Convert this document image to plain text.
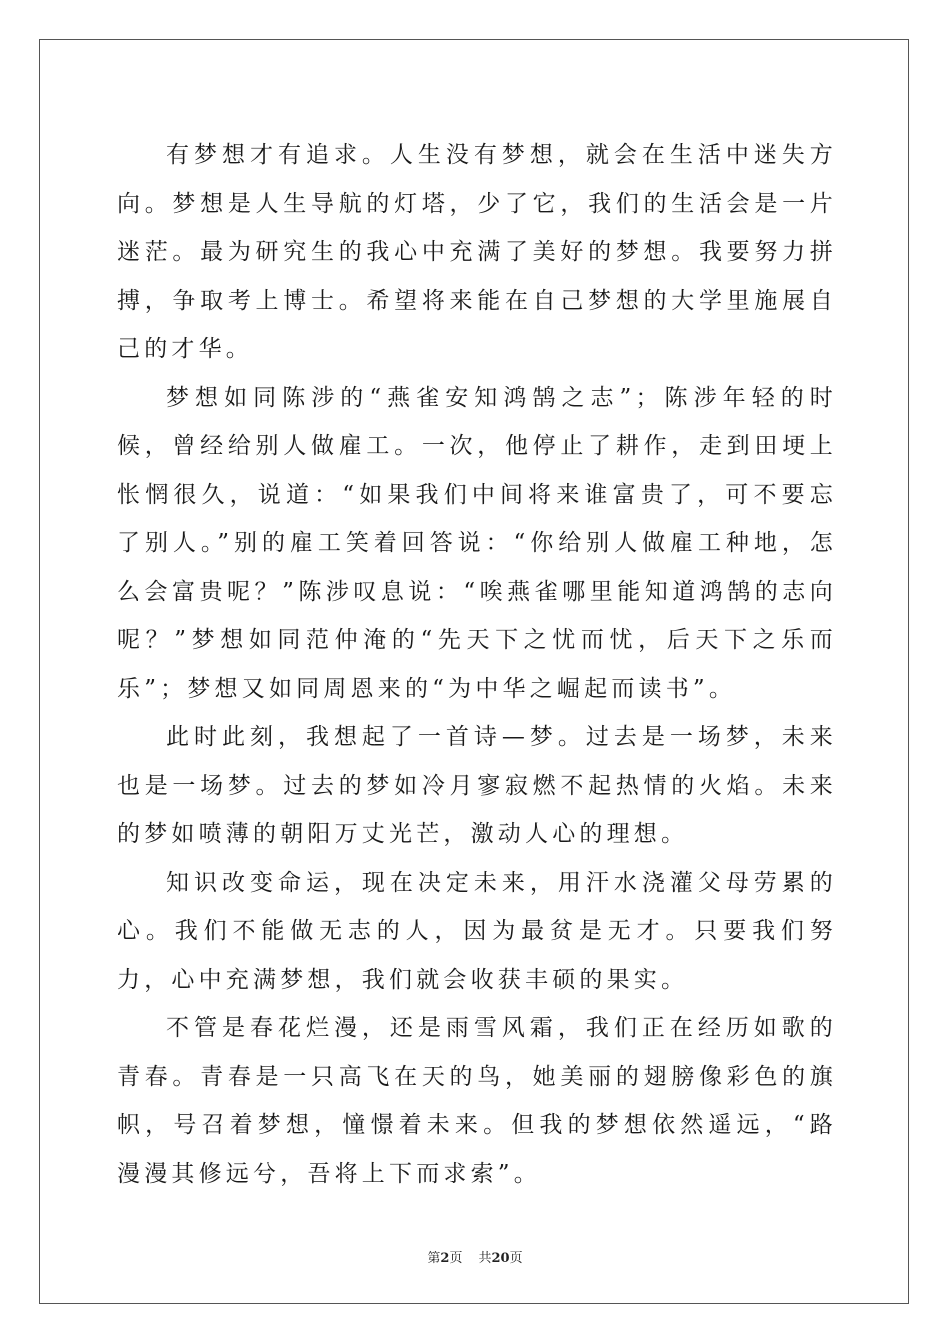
有梦想才有追求。人生没有梦想，就会在生活中迷失方向。梦想是人生导航的灯塔，少了它，我们的生活会是一片迷茫。最为研究生的我心中充满了美好的梦想。我要努力拼搏，争取考上博士。希望将来能在自己梦想的大学里施展自己的才华。

梦想如同陈涉的“燕雀安知鸿鹄之志”；陈涉年轻的时候，曾经给别人做雇工。一次，他停止了耕作，走到田埂上怅惘很久，说道：“如果我们中间将来谁富贵了，可不要忘了别人。”别的雇工笑着回答说：“你给别人做雇工种地，怎么会富贵呢？”陈涉叹息说：“唉燕雀哪里能知道鸿鹄的志向呢？”梦想如同范仲淹的“先天下之忧而忧，后天下之乐而乐”；梦想又如同周恩来的“为中华之崛起而读书”。

此时此刻，我想起了一首诗—梦。过去是一场梦，未来也是一场梦。过去的梦如冷月寥寂燃不起热情的火焰。未来的梦如喷薄的朝阳万丈光芒，激动人心的理想。

知识改变命运，现在决定未来，用汗水浇灌父母劳累的心。我们不能做无志的人，因为最贫是无才。只要我们努力，心中充满梦想，我们就会收获丰硕的果实。

不管是春花烂漫，还是雨雪风霜，我们正在经历如歌的青春。青春是一只高飞在天的鸟，她美丽的翅膀像彩色的旗帜，号召着梦想，憧憬着未来。但我的梦想依然遥远，“路漫漫其修远兮，吾将上下而求索”。

第2页 共20页
